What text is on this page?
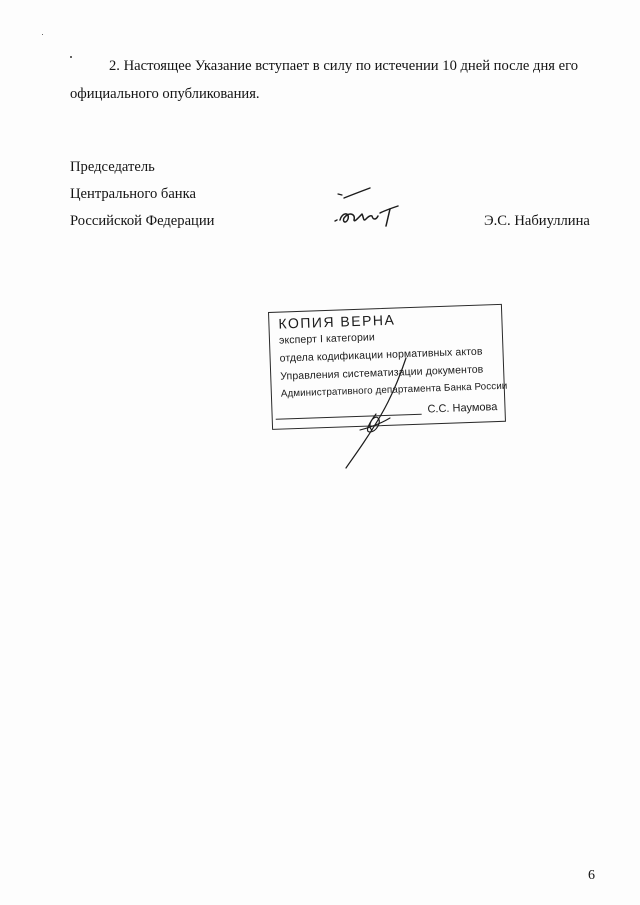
2. Настоящее Указание вступает в силу по истечении 10 дней после дня его официального опубликования.

Председатель
Центрального банка
Российской Федерации	Э.С. Набиуллина
КОПИЯ ВЕРНА
эксперт I категории
отдела кодификации нормативных актов
Управления систематизации документов
Административного департамента Банка России
С.С. Наумова
6
